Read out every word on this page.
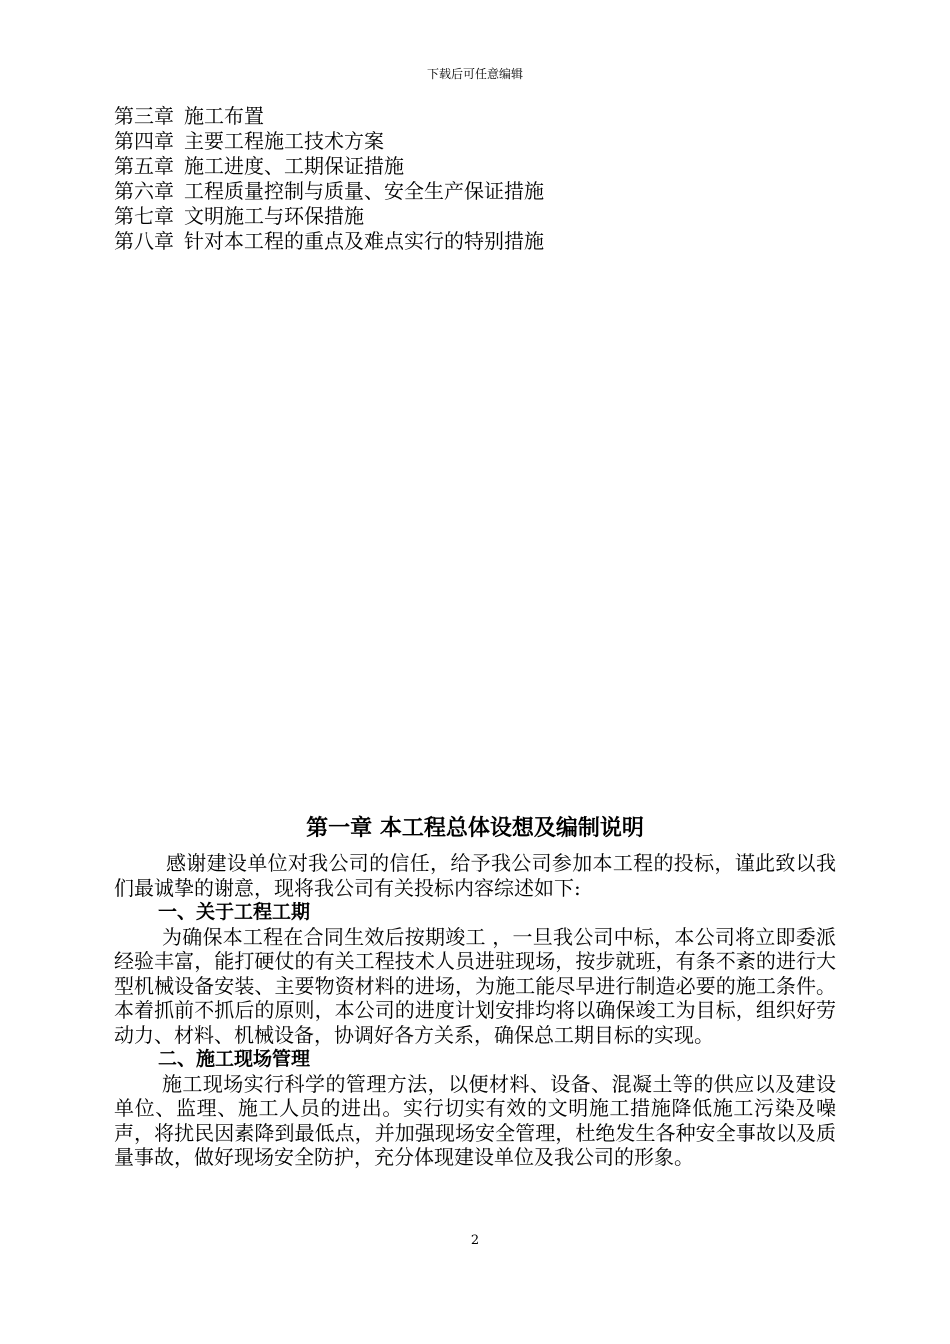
下载后可任意编辑
第三章 施工布置
第四章 主要工程施工技术方案
第五章 施工进度、工期保证措施
第六章 工程质量控制与质量、安全生产保证措施
第七章 文明施工与环保措施
第八章 针对本工程的重点及难点实行的特别措施
第一章 本工程总体设想及编制说明

感谢建设单位对我公司的信任，给予我公司参加本工程的投标，谨此致以我们最诚挚的谢意，现将我公司有关投标内容综述如下:

一、关于工程工期

为确保本工程在合同生效后按期竣工 ，一旦我公司中标，本公司将立即委派经验丰富，能打硬仗的有关工程技术人员进驻现场，按步就班，有条不紊的进行大型机械设备安装、主要物资材料的进场，为施工能尽早进行制造必要的施工条件。本着抓前不抓后的原则，本公司的进度计划安排均将以确保竣工为目标，组织好劳动力、材料、机械设备，协调好各方关系，确保总工期目标的实现。

二、施工现场管理

施工现场实行科学的管理方法，以便材料、设备、混凝土等的供应以及建设单位、监理、施工人员的进出。实行切实有效的文明施工措施降低施工污染及噪声，将扰民因素降到最低点，并加强现场安全管理，杜绝发生各种安全事故以及质量事故，做好现场安全防护，充分体现建设单位及我公司的形象。

2
